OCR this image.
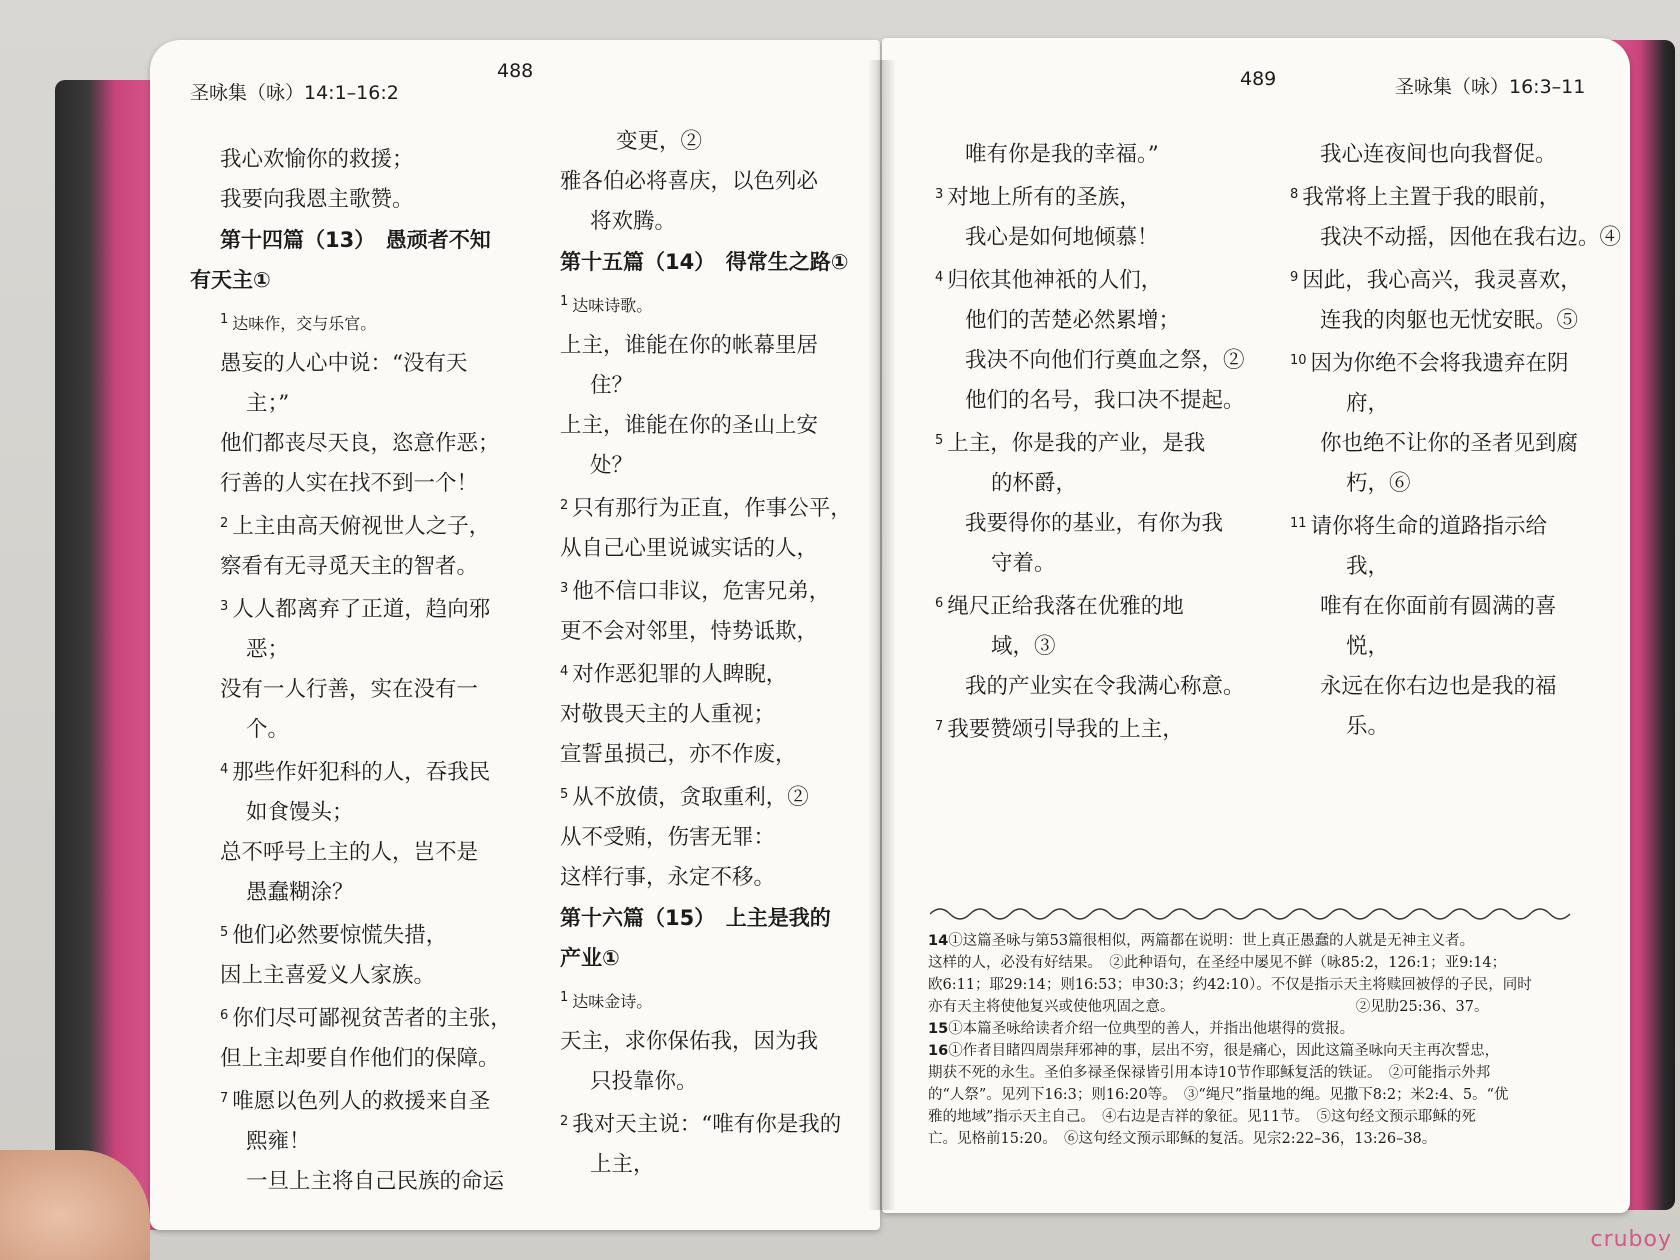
圣咏集（咏）14:1–16:2
488
圣咏集（咏）16:3–11
489
我心欢愉你的救援；
我要向我恩主歌赞。
第十四篇（13）　愚顽者不知
有天主①
$^1$ 达味作，交与乐官。
愚妄的人心中说：“没有天
主；”
他们都丧尽天良，恣意作恶；
行善的人实在找不到一个！
$^2$ 上主由高天俯视世人之子，
察看有无寻觅天主的智者。
$^3$ 人人都离弃了正道，趋向邪
恶；
没有一人行善，实在没有一
个。
$^4$ 那些作奸犯科的人，吞我民
如食馒头；
总不呼号上主的人，岂不是
愚蠢糊涂？
$^5$ 他们必然要惊慌失措，
因上主喜爱义人家族。
$^6$ 你们尽可鄙视贫苦者的主张，
但上主却要自作他们的保障。
$^7$ 唯愿以色列人的救援来自圣
熙雍！
一旦上主将自己民族的命运
变更，②
雅各伯必将喜庆，以色列必
将欢腾。
第十五篇（14）　得常生之路①
$^1$ 达味诗歌。
上主，谁能在你的帐幕里居
住？
上主，谁能在你的圣山上安
处？
$^2$ 只有那行为正直，作事公平，
从自己心里说诚实话的人，
$^3$ 他不信口非议，危害兄弟，
更不会对邻里，恃势诋欺，
$^4$ 对作恶犯罪的人睥睨，
对敬畏天主的人重视；
宣誓虽损己，亦不作废，
$^5$ 从不放债，贪取重利，②
从不受贿，伤害无罪：
这样行事，永定不移。
第十六篇（15）　上主是我的
产业①
$^1$ 达味金诗。
天主，求你保佑我，因为我
只投靠你。
$^2$ 我对天主说：“唯有你是我的
上主，
唯有你是我的幸福。”
$^3$ 对地上所有的圣族，
我心是如何地倾慕！
$^4$ 归依其他神祇的人们，
他们的苦楚必然累增；
我决不向他们行奠血之祭，②
他们的名号，我口决不提起。
$^5$ 上主，你是我的产业，是我
的杯爵，
我要得你的基业，有你为我
守着。
$^6$ 绳尺正给我落在优雅的地
域，③
我的产业实在令我满心称意。
$^7$ 我要赞颂引导我的上主，
我心连夜间也向我督促。
$^8$ 我常将上主置于我的眼前，
我决不动摇，因他在我右边。④
$^9$ 因此，我心高兴，我灵喜欢，
连我的肉躯也无忧安眠。⑤
$^{10}$ 因为你绝不会将我遗弃在阴
府，
你也绝不让你的圣者见到腐
朽，⑥
$^{11}$ 请你将生命的道路指示给
我，
唯有在你面前有圆满的喜
悦，
永远在你右边也是我的福
乐。
14①这篇圣咏与第53篇很相似，两篇都在说明：世上真正愚蠢的人就是无神主义者。
这样的人，必没有好结果。　②此种语句，在圣经中屡见不鲜（咏85:2，126:1；亚9:14；
欧6:11；耶29:14；则16:53；申30:3；约42:10）。不仅是指示天主将赎回被俘的子民，同时
亦有天主将使他复兴或使他巩固之意。　　　　　　　　　　　　　②见肋25:36、37。
15①本篇圣咏给读者介绍一位典型的善人，并指出他堪得的赏报。
16①作者目睹四周崇拜邪神的事，层出不穷，很是痛心，因此这篇圣咏向天主再次誓忠，
期获不死的永生。圣伯多禄圣保禄皆引用本诗10节作耶稣复活的铁证。　②可能指示外邦
的“人祭”。见列下16:3；则16:20等。　③“绳尺”指量地的绳。见撒下8:2；米2:4、5。“优
雅的地域”指示天主自己。　④右边是吉祥的象征。见11节。　⑤这句经文预示耶稣的死
亡。见格前15:20。　⑥这句经文预示耶稣的复活。见宗2:22–36，13:26–38。
cruboy
